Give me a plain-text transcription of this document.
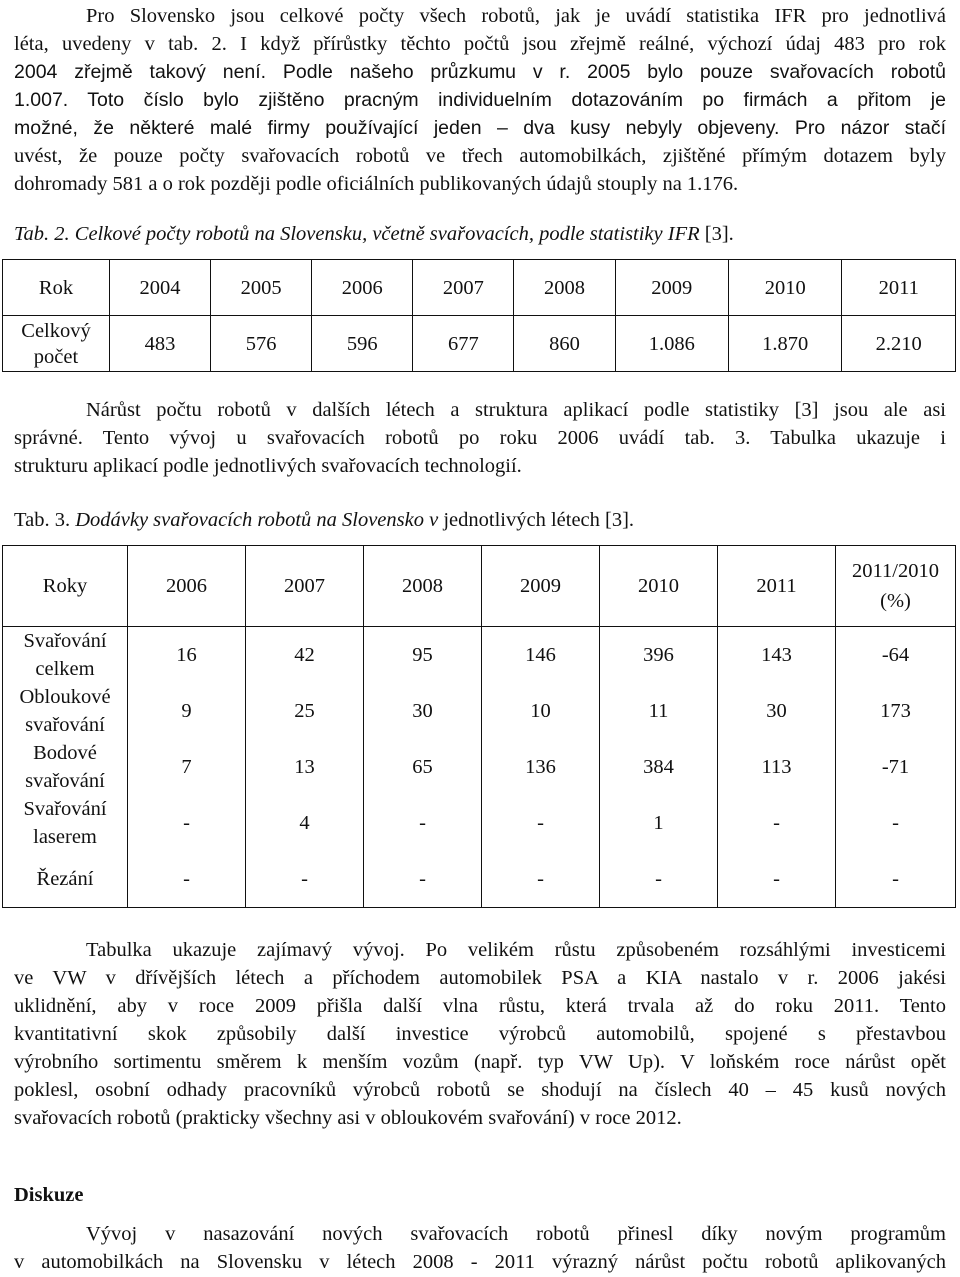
Pro Slovensko jsou celkové počty všech robotů, jak je uvádí statistika IFR pro jednotlivá
léta, uvedeny v tab. 2. I když přírůstky těchto počtů jsou zřejmě reálné, výchozí údaj 483 pro rok
2004 zřejmě takový není. Podle našeho průzkumu v r. 2005 bylo pouze svařovacích robotů
1.007. Toto číslo bylo zjištěno pracným individuelním dotazováním po firmách a přitom je
možné, že některé malé firmy používající jeden – dva kusy nebyly objeveny. Pro názor stačí
uvést, že pouze počty svařovacích robotů ve třech automobilkách, zjištěné přímým dotazem byly
dohromady 581 a o rok později podle oficiálních publikovaných údajů stouply na 1.176.
Tab. 2. Celkové počty robotů na Slovensku, včetně svařovacích, podle statistiky IFR [3].
Rok	2004	2005	2006	2007	2008	2009	2010	2011
Celkový
počet	483	576	596	677	860	1.086	1.870	2.210
Nárůst počtu robotů v dalších létech a struktura aplikací podle statistiky [3] jsou ale asi
správné. Tento vývoj u svařovacích robotů po roku 2006 uvádí tab. 3. Tabulka ukazuje i
strukturu aplikací podle jednotlivých svařovacích technologií.
Tab. 3. Dodávky svařovacích robotů na Slovensko v jednotlivých létech [3].
Roky	2006	2007	2008	2009	2010	2011	2011/2010
(%)
Svařování
celkem	16	42	95	146	396	143	-64
Obloukové
svařování	9	25	30	10	11	30	173
Bodové
svařování	7	13	65	136	384	113	-71
Svařování
laserem	-	4	-	-	1	-	-
Řezání	-	-	-	-	-	-	-
Tabulka ukazuje zajímavý vývoj. Po velikém růstu způsobeném rozsáhlými investicemi
ve VW v dřívějších létech a příchodem automobilek PSA a KIA nastalo v r. 2006 jakési
uklidnění, aby v roce 2009 přišla další vlna růstu, která trvala až do roku 2011. Tento
kvantitativní skok způsobily další investice výrobců automobilů, spojené s přestavbou
výrobního sortimentu směrem k menším vozům (např. typ VW Up). V loňském roce nárůst opět
poklesl, osobní odhady pracovníků výrobců robotů se shodují na číslech 40 – 45 kusů nových
svařovacích robotů (prakticky všechny asi v obloukovém svařování) v roce 2012.
Diskuze
Vývoj v nasazování nových svařovacích robotů přinesl díky novým programům
v automobilkách na Slovensku v létech 2008 - 2011 výrazný nárůst počtu robotů aplikovaných
